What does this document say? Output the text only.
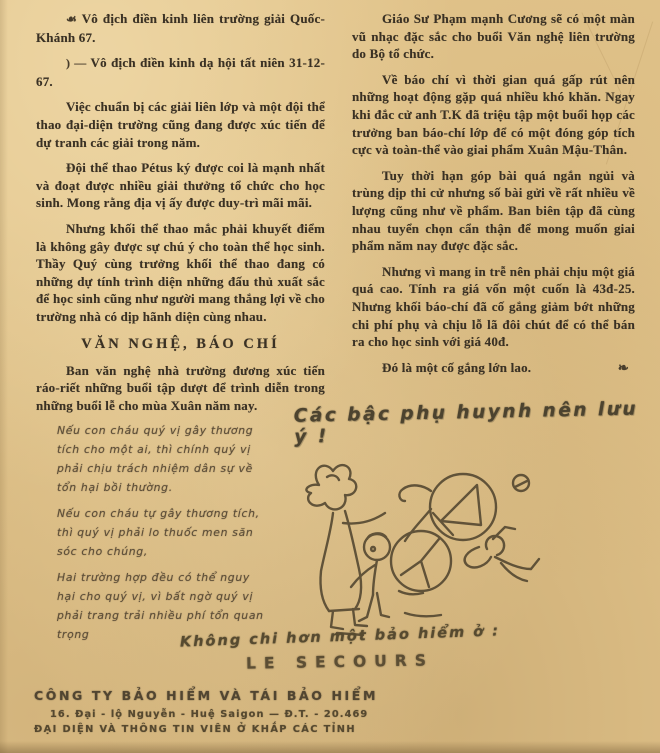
☙ Vô địch điền kinh liên trường giải Quốc-Khánh 67.

) — Vô địch điền kinh dạ hội tất niên 31-12-67.

Việc chuẩn bị các giải liên lớp và một đội thể thao đại-diện trường cũng đang được xúc tiến để dự tranh các giải trong năm.

Đội thể thao Pétus ký được coi là mạnh nhất và đoạt được nhiều giải thưởng tổ chức cho học sinh. Mong rằng địa vị ấy được duy-trì mãi mãi.

Nhưng khối thể thao mắc phải khuyết điểm là không gây được sự chú ý cho toàn thể học sinh. Thầy Quý cùng trưởng khối thể thao đang có những dự tính trình diện những đấu thủ xuất sắc để học sinh cũng như người mang thắng lợi về cho trường nhà có dịp hãnh diện cùng nhau.

VĂN NGHỆ, BÁO CHÍ

Ban văn nghệ nhà trường đương xúc tiến ráo-riết những buổi tập dượt để trình diễn trong những buổi lễ cho mùa Xuân năm nay.

Giáo Sư Phạm mạnh Cương sẽ có một màn vũ nhạc đặc sắc cho buổi Văn nghệ liên trường do Bộ tổ chức.

Về báo chí vì thời gian quá gấp rút nên những hoạt động gặp quá nhiều khó khăn. Ngay khi đắc cử anh T.K đã triệu tập một buổi họp các trưởng ban báo-chí lớp để có một đóng góp tích cực và toàn-thể vào giai phẩm Xuân Mậu-Thân.

Tuy thời hạn góp bài quá ngắn ngủi và trùng dịp thi cử nhưng số bài gửi về rất nhiều về lượng cũng như về phẩm. Ban biên tập đã cùng nhau tuyển chọn cẩn thận để mong muốn giai phẩm năm nay được đặc sắc.

Nhưng vì mang in trễ nên phải chịu một giá quá cao. Tính ra giá vốn một cuốn là 43đ-25. Nhưng khối báo-chí đã cố gắng giảm bớt những chi phí phụ và chịu lỗ lã đôi chút để có thể bán ra cho học sinh với giá 40đ.

Đó là một cố gắng lớn lao.	❧

Các bậc phụ huynh nên lưu ý !

Nếu con cháu quý vị gây thương tích cho một ai, thì chính quý vị phải chịu trách nhiệm dân sự về tổn hại bồi thường.

Nếu con cháu tự gây thương tích, thì quý vị phải lo thuốc men săn sóc cho chúng,

Hai trường hợp đều có thể nguy hại cho quý vị, vì bất ngờ quý vị phải trang trải nhiều phí tổn quan trọng	Không chi hơn một bảo hiểm ở :
LE SECOURS
CÔNG TY BẢO HIỂM VÀ TÁI BẢO HIỂM
16. Đại - lộ Nguyễn - Huệ Saigon — Đ.T. - 20.469
ĐẠI DIỆN VÀ THÔNG TIN VIÊN Ở KHẮP CÁC TỈNH
